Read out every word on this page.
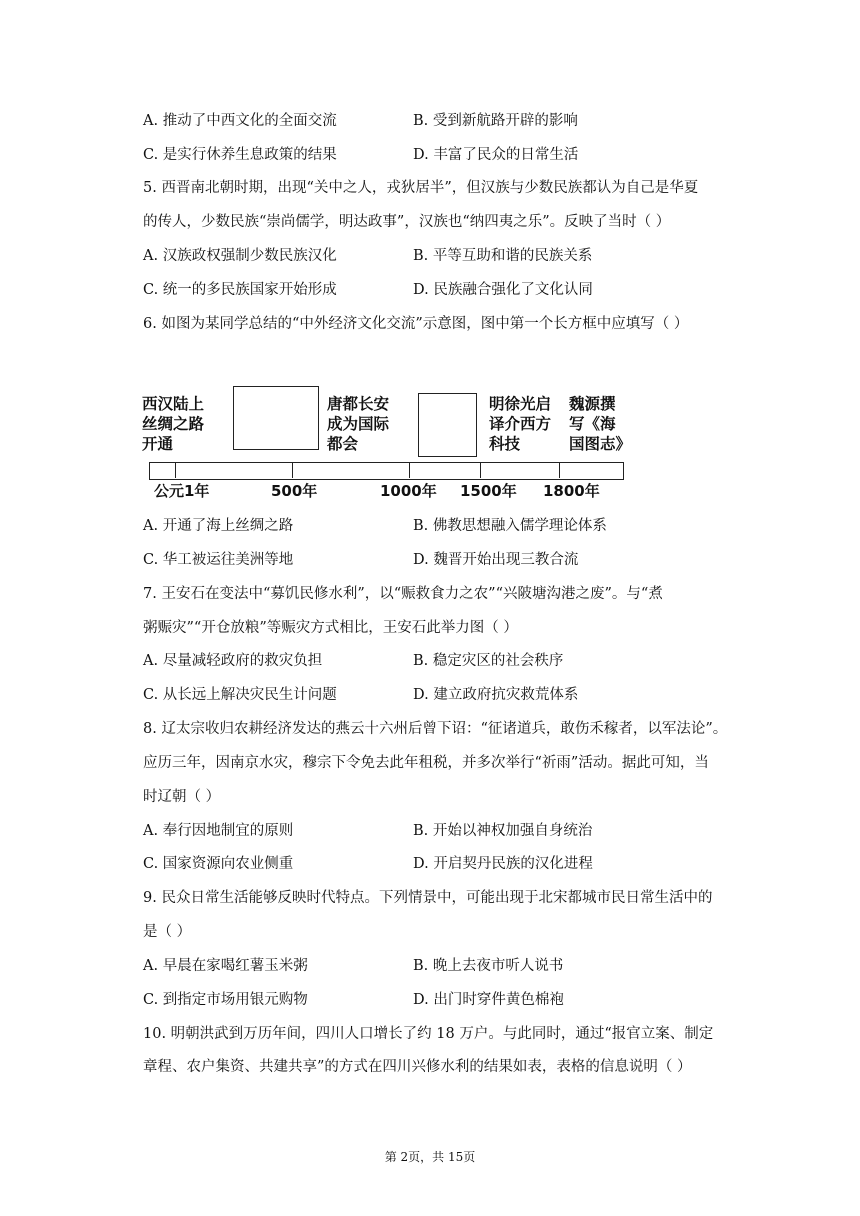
A. 推动了中西文化的全面交流	B. 受到新航路开辟的影响
C. 是实行休养生息政策的结果	D. 丰富了民众的日常生活
5. 西晋南北朝时期，出现“关中之人，戎狄居半”，但汉族与少数民族都认为自己是华夏
的传人，少数民族“崇尚儒学，明达政事”，汉族也“纳四夷之乐”。反映了当时（ ）
A. 汉族政权强制少数民族汉化	B. 平等互助和谐的民族关系
C. 统一的多民族国家开始形成	D. 民族融合强化了文化认同
6. 如图为某同学总结的“中外经济文化交流”示意图，图中第一个长方框中应填写（ ）
西汉陆上
丝绸之路
开通
唐都长安
成为国际
都会
明徐光启
译介西方
科技
魏源撰
写《海
国图志》
公元1年	500年	1000年 1500年 1800年
A. 开通了海上丝绸之路	B. 佛教思想融入儒学理论体系
C. 华工被运往美洲等地	D. 魏晋开始出现三教合流
7. 王安石在变法中“募饥民修水利”，以“赈救食力之农”“兴陂塘沟港之废”。与“煮
粥赈灾”“开仓放粮”等赈灾方式相比，王安石此举力图（ ）
A. 尽量减轻政府的救灾负担	B. 稳定灾区的社会秩序
C. 从长远上解决灾民生计问题	D. 建立政府抗灾救荒体系
8. 辽太宗收归农耕经济发达的燕云十六州后曾下诏：“征诸道兵，敢伤禾稼者，以军法论”。
应历三年，因南京水灾，穆宗下令免去此年租税，并多次举行“祈雨”活动。据此可知，当
时辽朝（ ）
A. 奉行因地制宜的原则	B. 开始以神权加强自身统治
C. 国家资源向农业侧重	D. 开启契丹民族的汉化进程
9. 民众日常生活能够反映时代特点。下列情景中，可能出现于北宋都城市民日常生活中的
是（ ）
A. 早晨在家喝红薯玉米粥	B. 晚上去夜市听人说书
C. 到指定市场用银元购物	D. 出门时穿件黄色棉袍
10. 明朝洪武到万历年间，四川人口增长了约 18 万户。与此同时，通过“报官立案、制定
章程、农户集资、共建共享”的方式在四川兴修水利的结果如表，表格的信息说明（ ）
第 2页，共 15页
